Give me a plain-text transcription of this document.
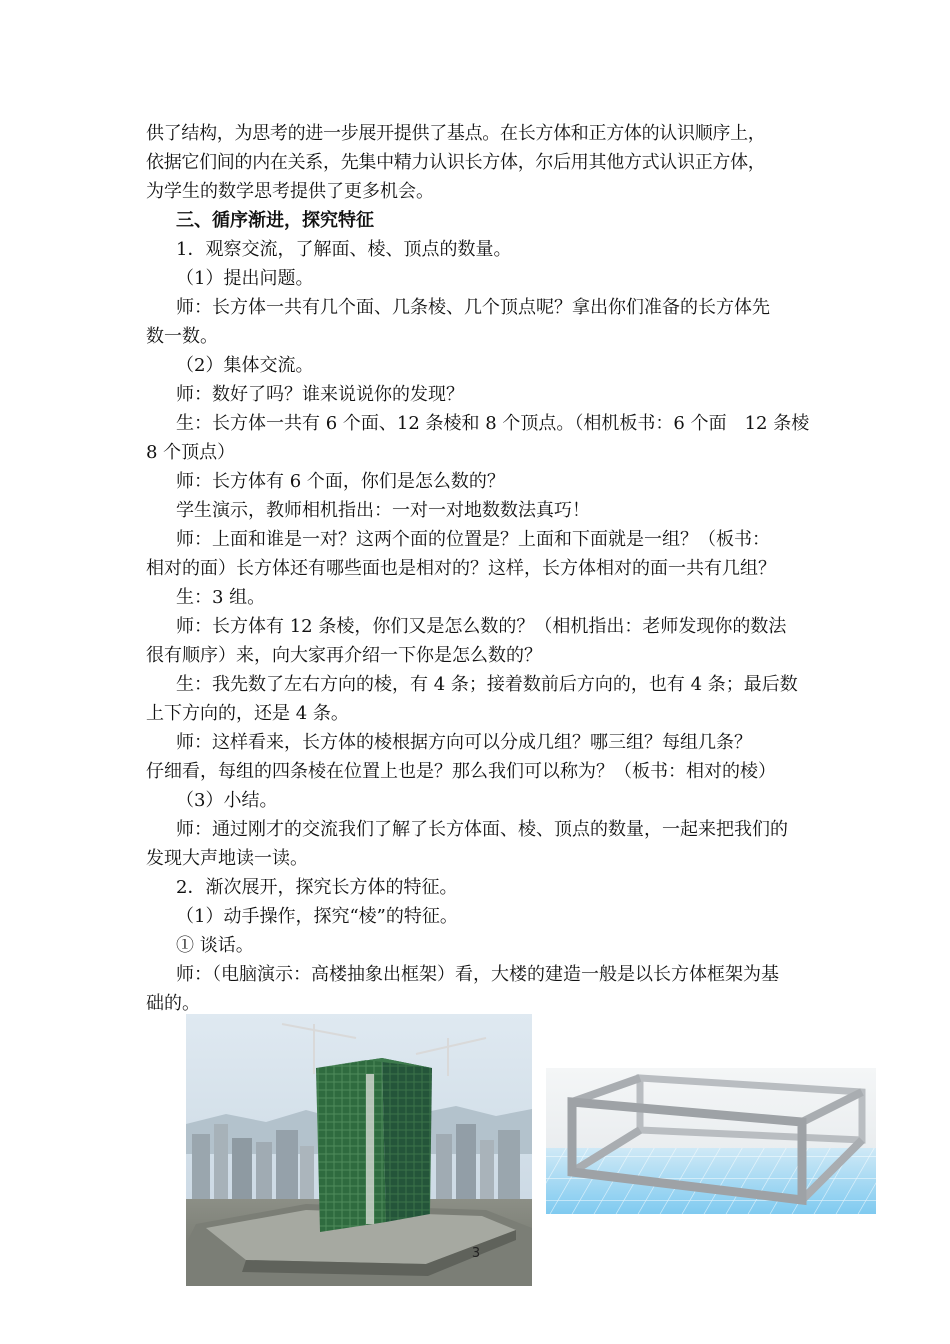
供了结构，为思考的进一步展开提供了基点。在长方体和正方体的认识顺序上，
依据它们间的内在关系，先集中精力认识长方体，尔后用其他方式认识正方体，
为学生的数学思考提供了更多机会。
三、循序渐进，探究特征
1．观察交流，了解面、棱、顶点的数量。
（1）提出问题。
师：长方体一共有几个面、几条棱、几个顶点呢？拿出你们准备的长方体先
数一数。
（2）集体交流。
师：数好了吗？谁来说说你的发现？
生：长方体一共有 6 个面、12 条棱和 8 个顶点。（相机板书：6 个面　12 条棱
8 个顶点）
师：长方体有 6 个面，你们是怎么数的？
学生演示，教师相机指出：一对一对地数数法真巧！
师：上面和谁是一对？这两个面的位置是？上面和下面就是一组？（板书：
相对的面）长方体还有哪些面也是相对的？这样，长方体相对的面一共有几组？
生：3 组。
师：长方体有 12 条棱，你们又是怎么数的？（相机指出：老师发现你的数法
很有顺序）来，向大家再介绍一下你是怎么数的？
生：我先数了左右方向的棱，有 4 条；接着数前后方向的，也有 4 条；最后数
上下方向的，还是 4 条。
师：这样看来，长方体的棱根据方向可以分成几组？哪三组？每组几条？
仔细看，每组的四条棱在位置上也是？那么我们可以称为？（板书：相对的棱）
（3）小结。
师：通过刚才的交流我们了解了长方体面、棱、顶点的数量，一起来把我们的
发现大声地读一读。
2．渐次展开，探究长方体的特征。
（1）动手操作，探究“棱”的特征。
① 谈话。
师：（电脑演示：高楼抽象出框架）看，大楼的建造一般是以长方体框架为基
础的。
3
